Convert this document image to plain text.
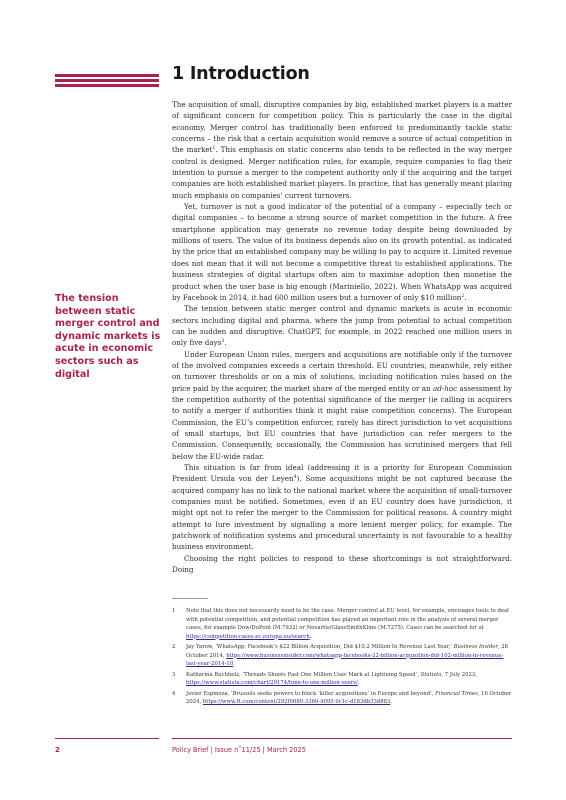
1 Introduction
The tension between static merger control and dynamic markets is acute in economic sectors such as digital

The acquisition of small, disruptive companies by big, established market players is a matter of significant concern for competition policy. This is particularly the case in the digital economy. Merger control has traditionally been enforced to predominantly tackle static concerns – the risk that a certain acquisition would remove a source of actual competition in the market$^1$. This emphasis on static concerns also tends to be reflected in the way merger control is designed. Merger notification rules, for example, require companies to flag their intention to pursue a merger to the competent authority only if the acquiring and the target companies are both established market players. In practice, that has generally meant placing much emphasis on companies’ current turnovers.

Yet, turnover is not a good indicator of the potential of a company – especially tech or digital companies – to become a strong source of market competition in the future. A free smartphone application may generate no revenue today despite being downloaded by millions of users. The value of its business depends also on its growth potential, as indicated by the price that an established company may be willing to pay to acquire it. Limited revenue does not mean that it will not become a competitive threat to established applications. The business strategies of digital startups often aim to maximise adoption then monetise the product when the user base is big enough (Mariniello, 2022). When WhatsApp was acquired by Facebook in 2014, it had 600 million users but a turnover of only $10 million$^2$.

The tension between static merger control and dynamic markets is acute in economic sectors including digital and pharma, where the jump from potential to actual competition can be sudden and disruptive. ChatGPT, for example, in 2022 reached one million users in only five days$^3$.

Under European Union rules, mergers and acquisitions are notifiable only if the turnover of the involved companies exceeds a certain threshold. EU countries, meanwhile, rely either on turnover thresholds or on a mix of solutions, including notification rules based on the price paid by the acquirer, the market share of the merged entity or an ad-hoc assessment by the competition authority of the potential significance of the merger (ie calling in acquirers to notify a merger if authorities think it might raise competition concerns). The European Commission, the EU’s competition enforcer, rarely has direct jurisdiction to vet acquisitions of small startups, but EU countries that have jurisdiction can refer mergers to the Commission. Consequently, occasionally, the Commission has scrutinised mergers that fell below the EU-wide radar.

This situation is far from ideal (addressing it is a priority for European Commission President Ursula von der Leyen$^4$). Some acquisitions might be not captured because the acquired company has no link to the national market where the acquisition of small-turnover companies must be notified. Sometimes, even if an EU country does have jurisdiction, it might opt not to refer the merger to the Commission for political reasons. A country might attempt to lure investment by signalling a more lenient merger policy, for example. The patchwork of notification systems and procedural uncertainty is not favourable to a healthy business environment.

Choosing the right policies to respond to these shortcomings is not straightforward. Doing

1	Note that this does not necessarily need to be the case. Merger control at EU level, for example, envisages tools to deal with potential competition, and potential competition has played an important role in the analysis of several merger cases, for example Dow/DuPont (M.7932) or Novartis/GlaxoSmithKline (M.7275). Cases can be searched for at https://competition-cases.ec.europa.eu/search.
2	Jay Yarow, ‘WhatsApp, Facebook’s $22 Billion Acquisition, Did $10.2 Million In Revenue Last Year,’ Business Insider, 28 October 2014, https://www.businessinsider.com/whatsapp-facebooks-22-billion-acquisition-did-102-million-in-revenue-last-year-2014-10.
3	Katharina Buchholz, ‘Threads Shoots Past One Million User Mark at Lightning Speed’, Statista, 7 July 2023, https://www.statista.com/chart/29174/time-to-one-million-users/.
4	Javier Espinoza, ‘Brussels seeks powers to block ‘killer acquisitions’ in Europe and beyond’, Financial Times, 16 October 2024, https://www.ft.com/content/292f0080-3360-4095-9c1c-d183db33d883.
2	Policy Brief | Issue n˚11/25 | March 2025
